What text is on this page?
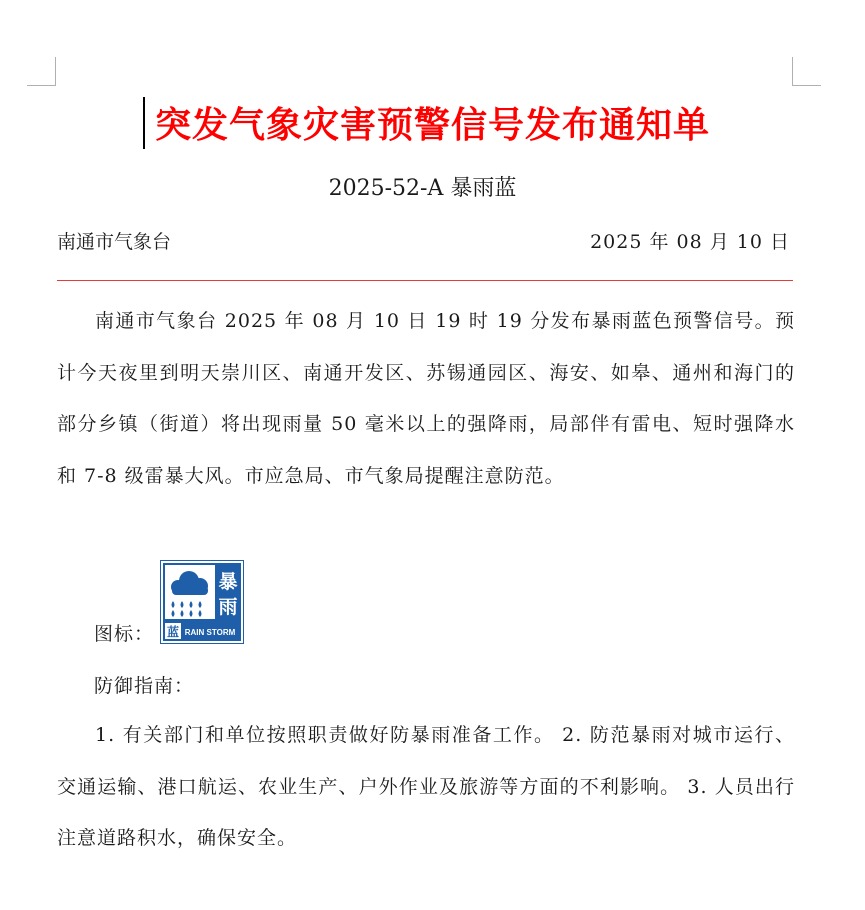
突发气象灾害预警信号发布通知单
2025-52-A 暴雨蓝
南通市气象台	2025 年 08 月 10 日

南通市气象台 2025 年 08 月 10 日 19 时 19 分发布暴雨蓝色预警信号。预计今天夜里到明天崇川区、南通开发区、苏锡通园区、海安、如皋、通州和海门的部分乡镇（街道）将出现雨量 50 毫米以上的强降雨，局部伴有雷电、短时强降水和 7-8 级雷暴大风。市应急局、市气象局提醒注意防范。

图标： 蓝 RAIN STORM
暴
雨
防御指南：

1. 有关部门和单位按照职责做好防暴雨准备工作。 2. 防范暴雨对城市运行、交通运输、港口航运、农业生产、户外作业及旅游等方面的不利影响。 3. 人员出行注意道路积水，确保安全。
